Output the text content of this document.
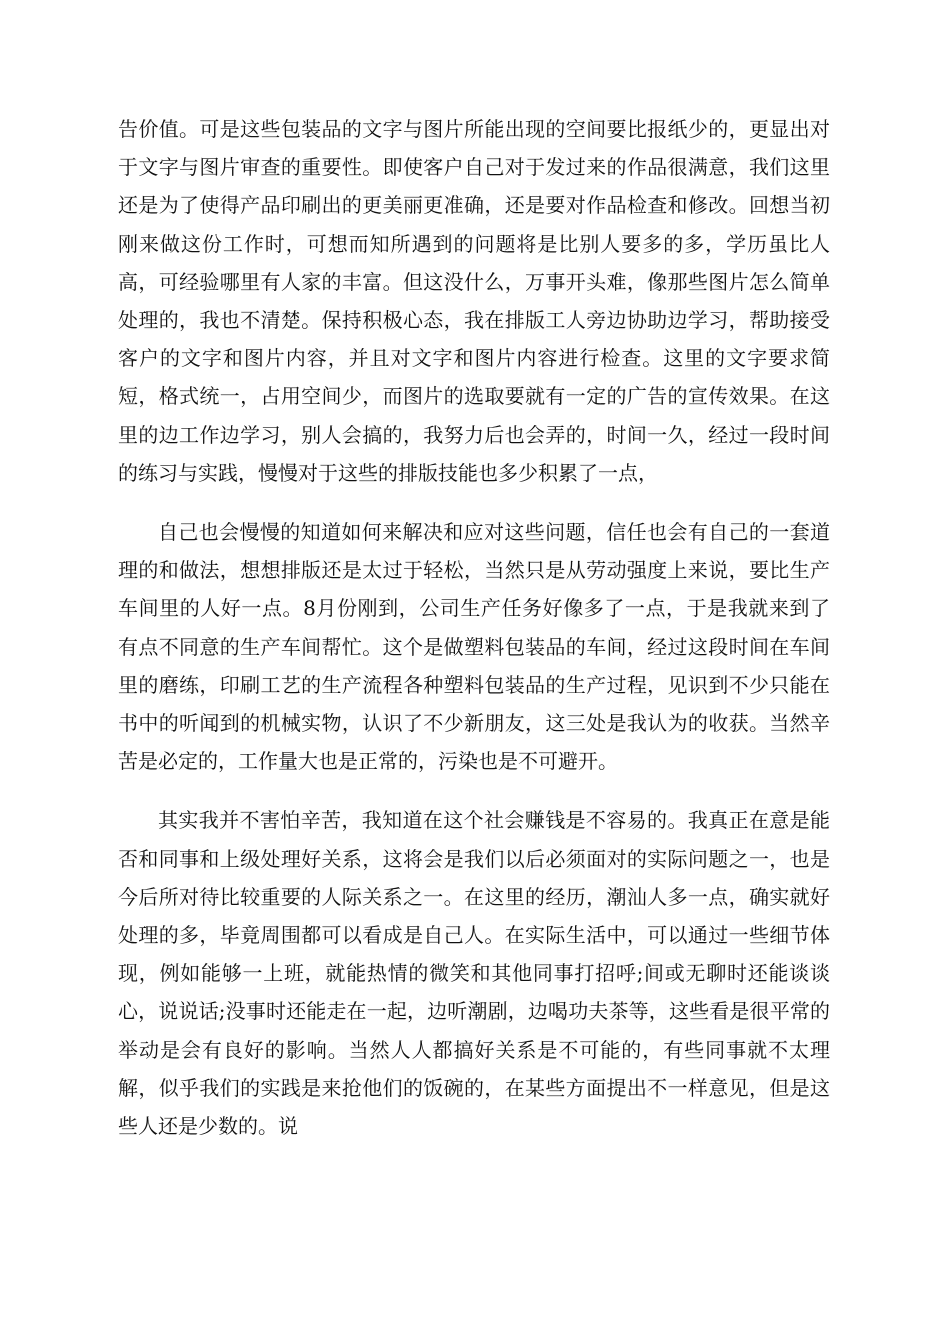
告价值。可是这些包装品的文字与图片所能出现的空间要比报纸少的，更显出对于文字与图片审查的重要性。即使客户自己对于发过来的作品很满意，我们这里还是为了使得产品印刷出的更美丽更准确，还是要对作品检查和修改。回想当初刚来做这份工作时，可想而知所遇到的问题将是比别人要多的多，学历虽比人高，可经验哪里有人家的丰富。但这没什么，万事开头难，像那些图片怎么简单处理的，我也不清楚。保持积极心态，我在排版工人旁边协助边学习，帮助接受客户的文字和图片内容，并且对文字和图片内容进行检查。这里的文字要求简短，格式统一，占用空间少，而图片的选取要就有一定的广告的宣传效果。在这里的边工作边学习，别人会搞的，我努力后也会弄的，时间一久，经过一段时间的练习与实践，慢慢对于这些的排版技能也多少积累了一点，

自己也会慢慢的知道如何来解决和应对这些问题，信任也会有自己的一套道理的和做法，想想排版还是太过于轻松，当然只是从劳动强度上来说，要比生产车间里的人好一点。8月份刚到，公司生产任务好像多了一点，于是我就来到了有点不同意的生产车间帮忙。这个是做塑料包装品的车间，经过这段时间在车间里的磨练，印刷工艺的生产流程各种塑料包装品的生产过程，见识到不少只能在书中的听闻到的机械实物，认识了不少新朋友，这三处是我认为的收获。当然辛苦是必定的，工作量大也是正常的，污染也是不可避开。

其实我并不害怕辛苦，我知道在这个社会赚钱是不容易的。我真正在意是能否和同事和上级处理好关系，这将会是我们以后必须面对的实际问题之一，也是今后所对待比较重要的人际关系之一。在这里的经历，潮汕人多一点，确实就好处理的多，毕竟周围都可以看成是自己人。在实际生活中，可以通过一些细节体现，例如能够一上班，就能热情的微笑和其他同事打招呼;间或无聊时还能谈谈心，说说话;没事时还能走在一起，边听潮剧，边喝功夫茶等，这些看是很平常的举动是会有良好的影响。当然人人都搞好关系是不可能的，有些同事就不太理解，似乎我们的实践是来抢他们的饭碗的，在某些方面提出不一样意见，但是这些人还是少数的。说
